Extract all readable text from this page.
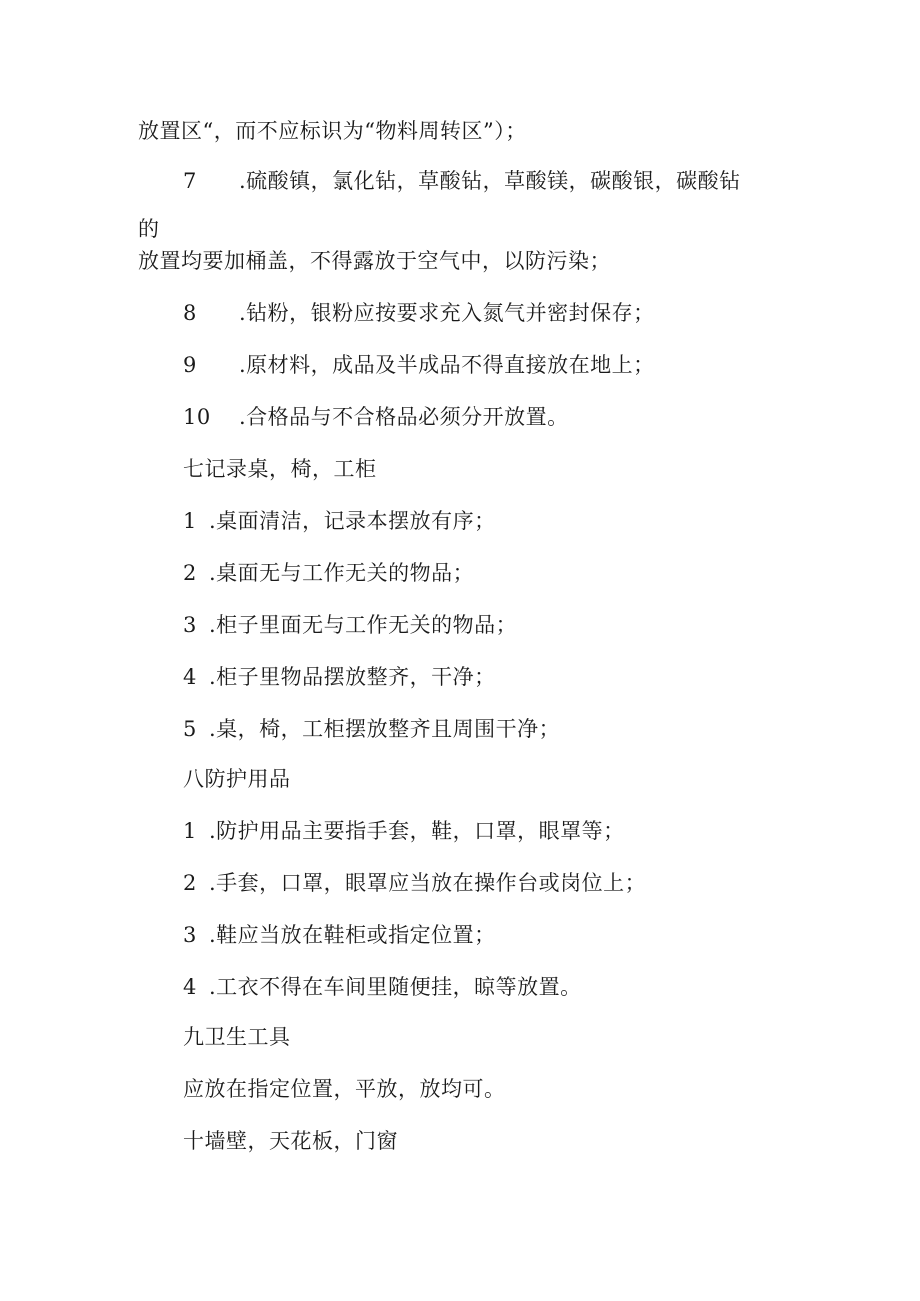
放置区“，而不应标识为“物料周转区”）；
7 .硫酸镇，氯化钻，草酸钻，草酸镁，碳酸银，碳酸钻
的
放置均要加桶盖，不得露放于空气中，以防污染；
8 .钻粉，银粉应按要求充入氮气并密封保存；
9 .原材料，成品及半成品不得直接放在地上；
10 .合格品与不合格品必须分开放置。
七记录桌，椅，工柜
1 .桌面清洁，记录本摆放有序；
2 .桌面无与工作无关的物品；
3 .柜子里面无与工作无关的物品；
4 .柜子里物品摆放整齐，干净；
5 .桌，椅，工柜摆放整齐且周围干净；
八防护用品
1 .防护用品主要指手套，鞋，口罩，眼罩等；
2 .手套，口罩，眼罩应当放在操作台或岗位上；
3 .鞋应当放在鞋柜或指定位置；
4 .工衣不得在车间里随便挂，晾等放置。
九卫生工具
应放在指定位置，平放，放均可。
十墙壁，天花板，门窗
